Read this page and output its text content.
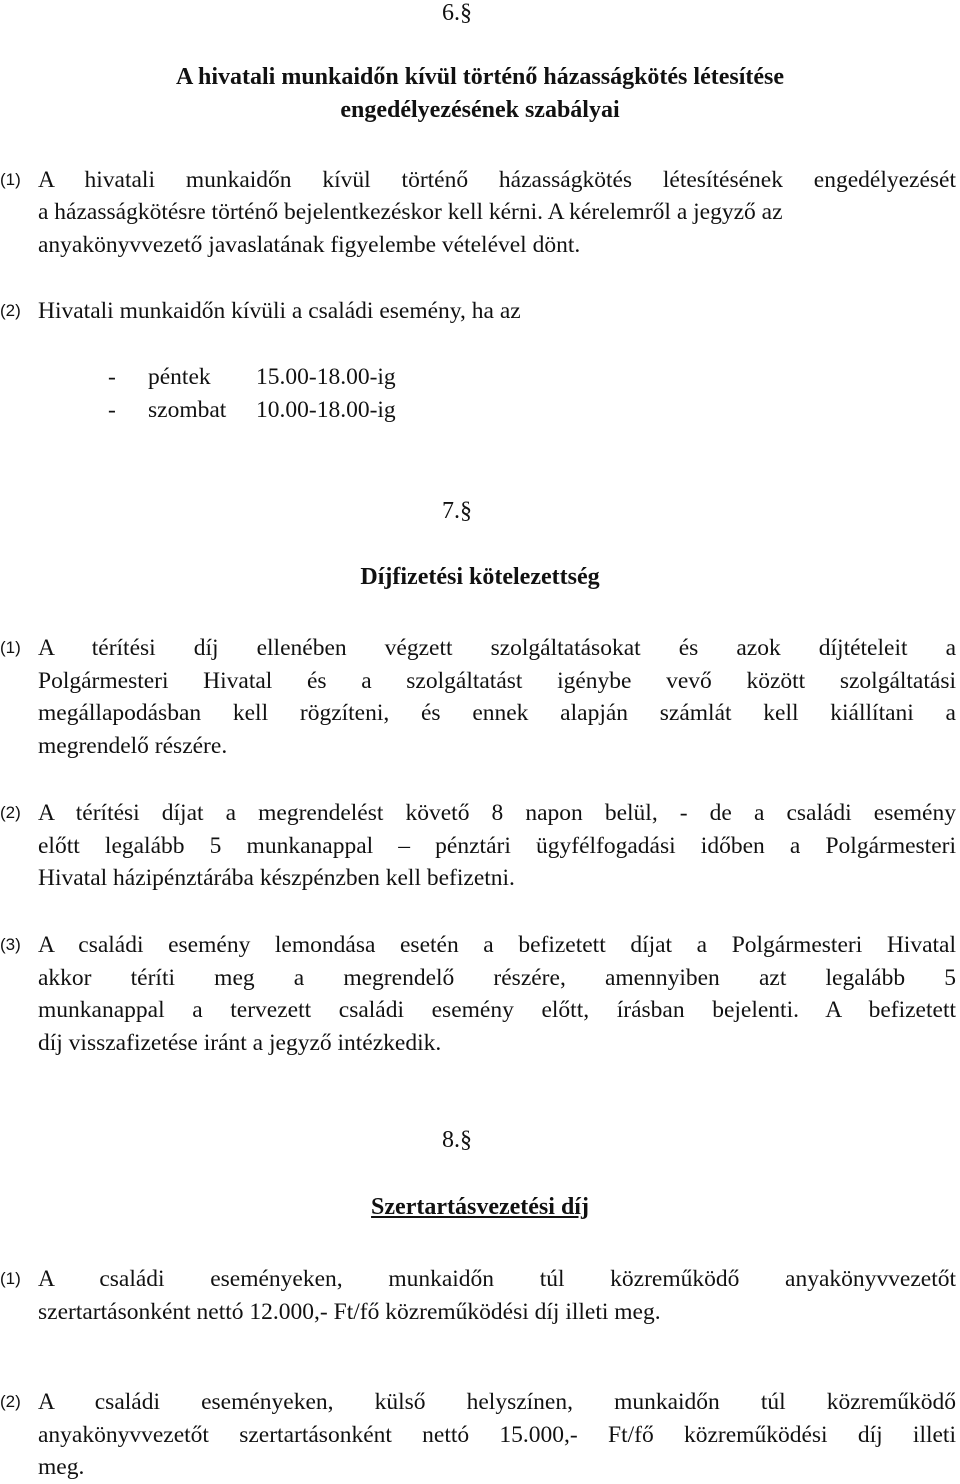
6.§
A hivatali munkaidőn kívül történő házasságkötés létesítése
engedélyezésének szabályai
(1) A hivatali munkaidőn kívül történő házasságkötés létesítésének engedélyezését
a házasságkötésre történő bejelentkezéskor kell kérni. A kérelemről a jegyző az
anyakönyvvezető javaslatának figyelembe vételével dönt.
(2) Hivatali munkaidőn kívüli a családi esemény, ha az
- péntek 15.00-18.00-ig
- szombat 10.00-18.00-ig
7.§
Díjfizetési kötelezettség
(1) A térítési díj ellenében végzett szolgáltatásokat és azok díjtételeit a
Polgármesteri Hivatal és a szolgáltatást igénybe vevő között szolgáltatási
megállapodásban kell rögzíteni, és ennek alapján számlát kell kiállítani a
megrendelő részére.
(2) A térítési díjat a megrendelést követő 8 napon belül, - de a családi esemény
előtt legalább 5 munkanappal – pénztári ügyfélfogadási időben a Polgármesteri
Hivatal házipénztárába készpénzben kell befizetni.
(3) A családi esemény lemondása esetén a befizetett díjat a Polgármesteri Hivatal
akkor téríti meg a megrendelő részére, amennyiben azt legalább 5
munkanappal a tervezett családi esemény előtt, írásban bejelenti. A befizetett
díj visszafizetése iránt a jegyző intézkedik.
8.§
Szertartásvezetési díj
(1) A családi eseményeken, munkaidőn túl közreműködő anyakönyvvezetőt
szertartásonként nettó 12.000,- Ft/fő közreműködési díj illeti meg.
(2) A családi eseményeken, külső helyszínen, munkaidőn túl közreműködő
anyakönyvvezetőt szertartásonként nettó 15.000,- Ft/fő közreműködési díj illeti
meg.
